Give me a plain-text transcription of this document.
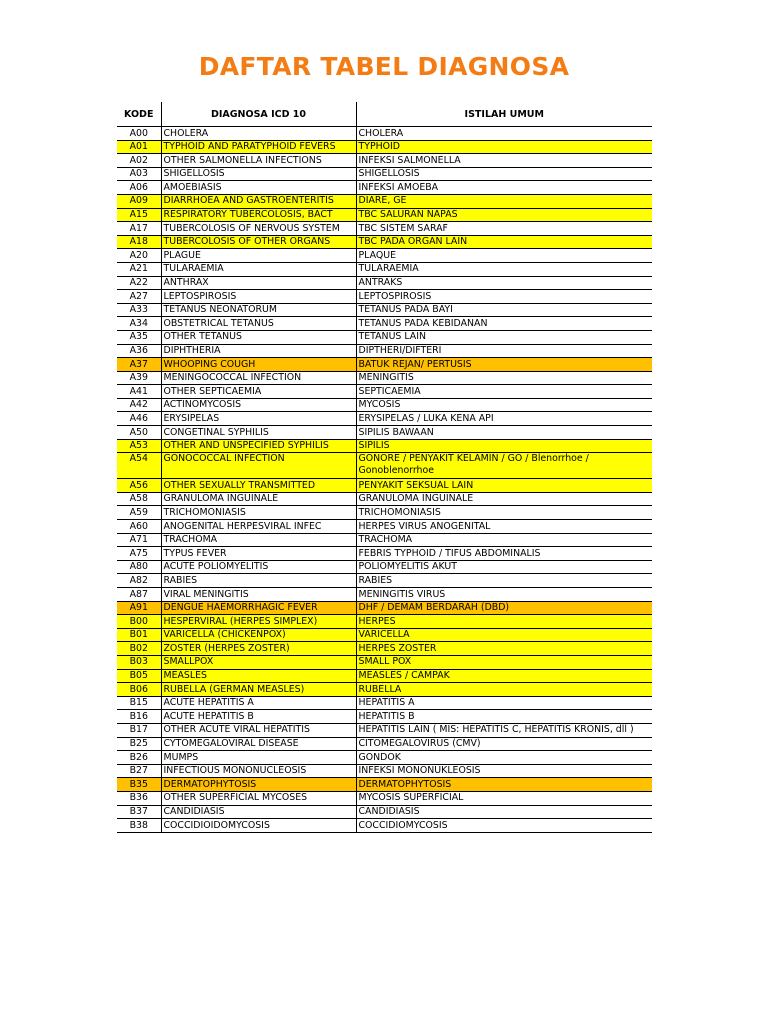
DAFTAR TABEL DIAGNOSA
KODE	DIAGNOSA ICD 10	ISTILAH UMUM
A00	CHOLERA	CHOLERA
A01	TYPHOID AND PARATYPHOID FEVERS	TYPHOID
A02	OTHER SALMONELLA INFECTIONS	INFEKSI SALMONELLA
A03	SHIGELLOSIS	SHIGELLOSIS
A06	AMOEBIASIS	INFEKSI AMOEBA
A09	DIARRHOEA AND GASTROENTERITIS	DIARE, GE
A15	RESPIRATORY TUBERCOLOSIS, BACT	TBC SALURAN NAPAS
A17	TUBERCOLOSIS OF NERVOUS SYSTEM	TBC SISTEM SARAF
A18	TUBERCOLOSIS OF OTHER ORGANS	TBC PADA ORGAN LAIN
A20	PLAGUE	PLAQUE
A21	TULARAEMIA	TULARAEMIA
A22	ANTHRAX	ANTRAKS
A27	LEPTOSPIROSIS	LEPTOSPIROSIS
A33	TETANUS NEONATORUM	TETANUS PADA BAYI
A34	OBSTETRICAL TETANUS	TETANUS PADA KEBIDANAN
A35	OTHER TETANUS	TETANUS LAIN
A36	DIPHTHERIA	DIPTHERI/DIFTERI
A37	WHOOPING COUGH	BATUK REJAN/ PERTUSIS
A39	MENINGOCOCCAL INFECTION	MENINGITIS
A41	OTHER SEPTICAEMIA	SEPTICAEMIA
A42	ACTINOMYCOSIS	MYCOSIS
A46	ERYSIPELAS	ERYSIPELAS / LUKA KENA API
A50	CONGETINAL SYPHILIS	SIPILIS BAWAAN
A53	OTHER AND UNSPECIFIED SYPHILIS	SIPILIS
A54	GONOCOCCAL INFECTION	GONORE / PENYAKIT KELAMIN / GO / Blenorrhoe / Gonoblenorrhoe
A56	OTHER SEXUALLY TRANSMITTED	PENYAKIT SEKSUAL LAIN
A58	GRANULOMA INGUINALE	GRANULOMA INGUINALE
A59	TRICHOMONIASIS	TRICHOMONIASIS
A60	ANOGENITAL HERPESVIRAL INFEC	HERPES VIRUS ANOGENITAL
A71	TRACHOMA	TRACHOMA
A75	TYPUS FEVER	FEBRIS TYPHOID / TIFUS ABDOMINALIS
A80	ACUTE POLIOMYELITIS	POLIOMYELITIS AKUT
A82	RABIES	RABIES
A87	VIRAL MENINGITIS	MENINGITIS VIRUS
A91	DENGUE HAEMORRHAGIC FEVER	DHF / DEMAM BERDARAH (DBD)
B00	HESPERVIRAL (HERPES SIMPLEX)	HERPES
B01	VARICELLA (CHICKENPOX)	VARICELLA
B02	ZOSTER (HERPES ZOSTER)	HERPES ZOSTER
B03	SMALLPOX	SMALL POX
B05	MEASLES	MEASLES / CAMPAK
B06	RUBELLA (GERMAN MEASLES)	RUBELLA
B15	ACUTE HEPATITIS A	HEPATITIS A
B16	ACUTE HEPATITIS B	HEPATITIS B
B17	OTHER ACUTE VIRAL HEPATITIS	HEPATITIS LAIN ( MIS: HEPATITIS C, HEPATITIS KRONIS, dll )
B25	CYTOMEGALOVIRAL DISEASE	CITOMEGALOVIRUS (CMV)
B26	MUMPS	GONDOK
B27	INFECTIOUS MONONUCLEOSIS	INFEKSI MONONUKLEOSIS
B35	DERMATOPHYTOSIS	DERMATOPHYTOSIS
B36	OTHER SUPERFICIAL MYCOSES	MYCOSIS SUPERFICIAL
B37	CANDIDIASIS	CANDIDIASIS
B38	COCCIDIOIDOMYCOSIS	COCCIDIOMYCOSIS
